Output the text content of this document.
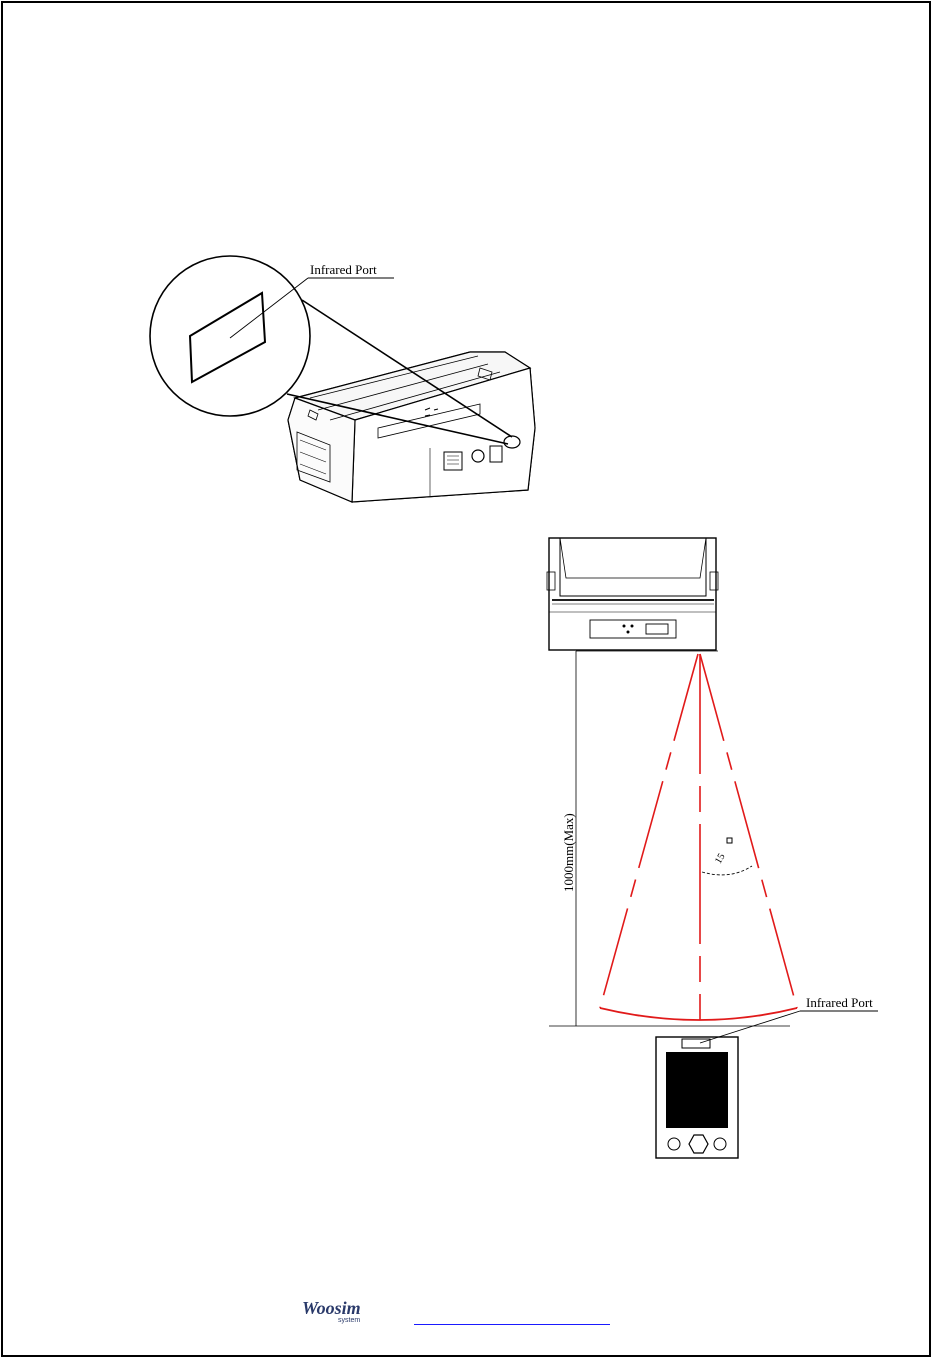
Infrared Port
1000mm(Max)	15
Infrared Port
Woosim
system
